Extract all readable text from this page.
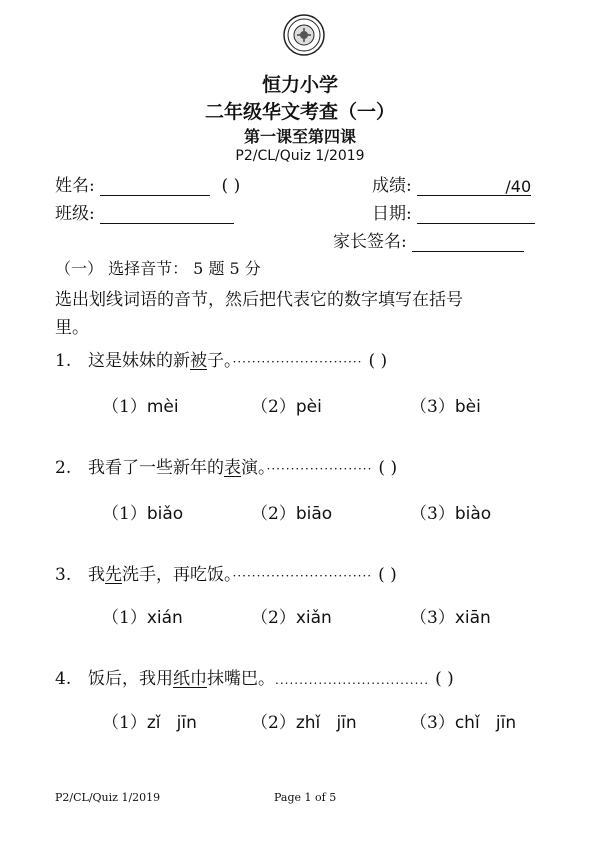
恒力小学
二年级华文考查（一）
第一课至第四课
P2/CL/Quiz 1/2019
姓名:	( )	成绩:	/40
班级:	日期:
家长签名:
（一） 选择音节： 5 题 5 分
选出划线词语的音节，然后把代表它的数字填写在括号
里。
1. 这是妹妹的新被子。··························· ( )
（1）mèi	（2）pèi	（3）bèi
2. 我看了一些新年的表演。······················ ( )
（1）biǎo	（2）biāo	（3）biào
3. 我先洗手，再吃饭。····························· ( )
（1）xián	（2）xiǎn	（3）xiān
4. 饭后，我用纸巾抹嘴巴。................................ ( )
（1）zǐ   jīn	（2）zhǐ   jīn	（3）chǐ   jīn
P2/CL/Quiz 1/2019	Page 1 of 5
